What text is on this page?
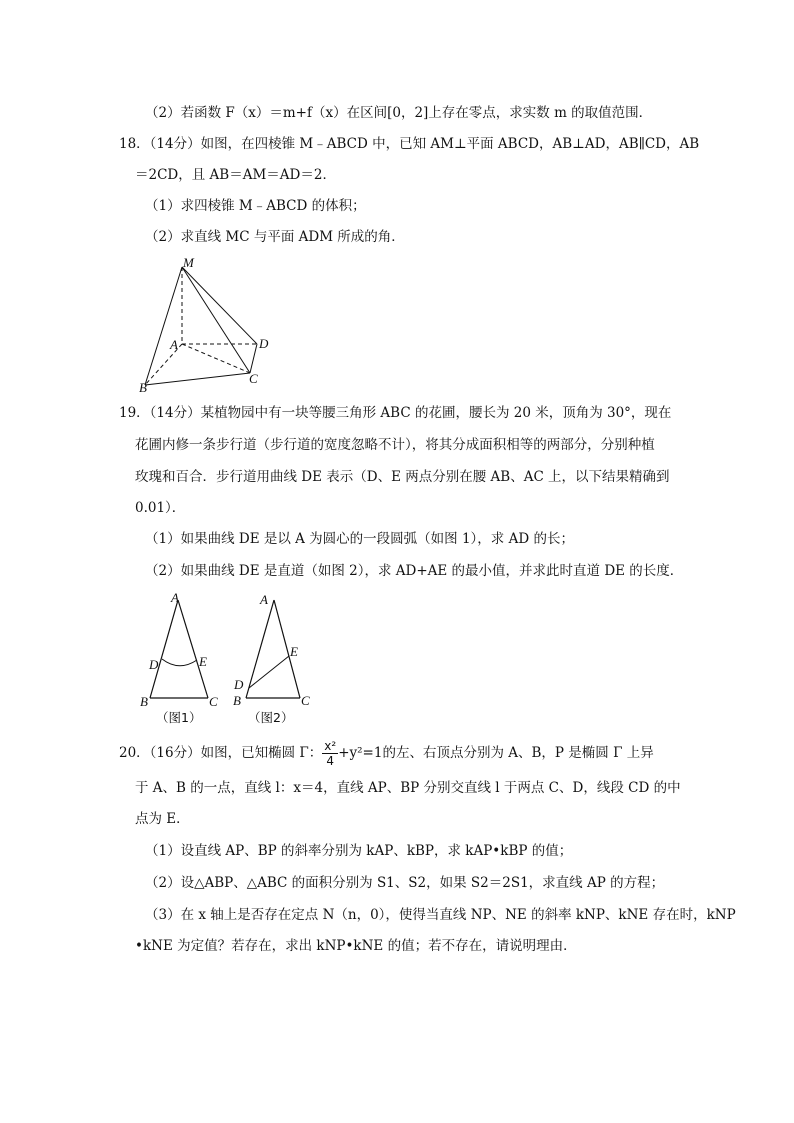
（2）若函数 F（x）＝m+f（x）在区间[0，2]上存在零点，求实数 m 的取值范围．
18．（14分）如图，在四棱锥 M﹣ABCD 中，已知 AM⊥平面 ABCD，AB⊥AD，AB∥CD，AB
＝2CD，且 AB＝AM＝AD＝2．
（1）求四棱锥 M﹣ABCD 的体积；
（2）求直线 MC 与平面 ADM 所成的角．
M
A	D
B
C
19．（14分）某植物园中有一块等腰三角形 ABC 的花圃，腰长为 20 米，顶角为 30°，现在
花圃内修一条步行道（步行道的宽度忽略不计），将其分成面积相等的两部分，分别种植
玫瑰和百合．步行道用曲线 DE 表示（D、E 两点分别在腰 AB、AC 上，以下结果精确到
0.01）．
（1）如果曲线 DE 是以 A 为圆心的一段圆弧（如图 1），求 AD 的长；
（2）如果曲线 DE 是直道（如图 2），求 AD+AE 的最小值，并求此时直道 DE 的长度．
A
D	E
B	C
（图1）
A
E
D
B	C
（图2）
20．（16分）如图，已知椭圆 Γ： $\frac{\text{x²}}{4} +y^2=1$的左、右顶点分别为 A、B，P 是椭圆 Γ 上异
于 A、B 的一点，直线 l：x＝4，直线 AP、BP 分别交直线 l 于两点 C、D，线段 CD 的中
点为 E．
（1）设直线 AP、BP 的斜率分别为 kAP、kBP，求 kAP•kBP 的值；
（2）设△ABP、△ABC 的面积分别为 S1、S2，如果 S2＝2S1，求直线 AP 的方程；
（3）在 x 轴上是否存在定点 N（n，0），使得当直线 NP、NE 的斜率 kNP、kNE 存在时，kNP
•kNE 为定值？若存在，求出 kNP•kNE 的值；若不存在，请说明理由．
